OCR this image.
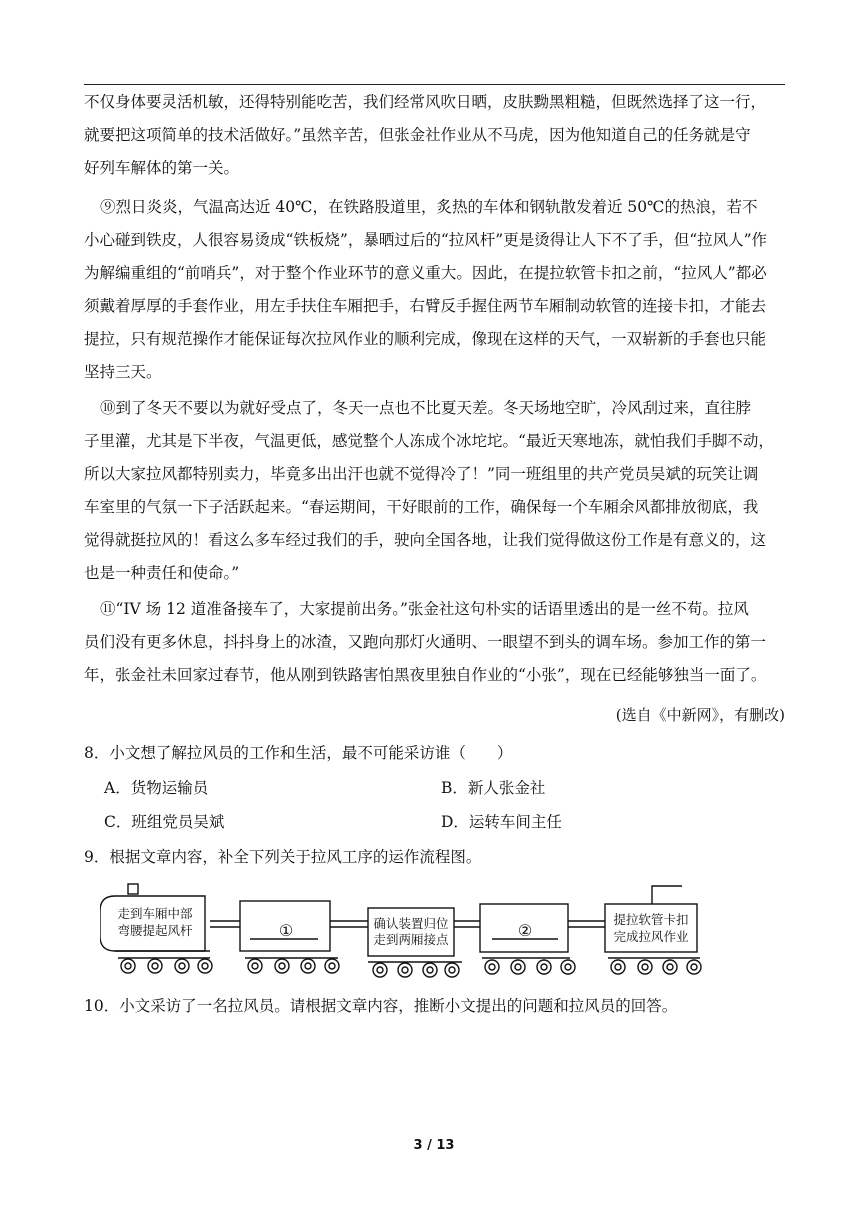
不仅身体要灵活机敏，还得特别能吃苦，我们经常风吹日晒，皮肤黝黑粗糙，但既然选择了这一行，
就要把这项简单的技术活做好。”虽然辛苦，但张金社作业从不马虎，因为他知道自己的任务就是守
好列车解体的第一关。
⑨烈日炎炎，气温高达近 40℃，在铁路股道里，炙热的车体和钢轨散发着近 50℃的热浪，若不
小心碰到铁皮，人很容易烫成“铁板烧”，暴晒过后的“拉风杆”更是烫得让人下不了手，但“拉风人”作
为解编重组的“前哨兵”，对于整个作业环节的意义重大。因此，在提拉软管卡扣之前，“拉风人”都必
须戴着厚厚的手套作业，用左手扶住车厢把手，右臂反手握住两节车厢制动软管的连接卡扣，才能去
提拉，只有规范操作才能保证每次拉风作业的顺利完成，像现在这样的天气，一双崭新的手套也只能
坚持三天。
⑩到了冬天不要以为就好受点了，冬天一点也不比夏天差。冬天场地空旷，冷风刮过来，直往脖
子里灌，尤其是下半夜，气温更低，感觉整个人冻成个冰坨坨。“最近天寒地冻，就怕我们手脚不动，
所以大家拉风都特别卖力，毕竟多出出汗也就不觉得冷了！”同一班组里的共产党员吴斌的玩笑让调
车室里的气氛一下子活跃起来。“春运期间，干好眼前的工作，确保每一个车厢余风都排放彻底，我
觉得就挺拉风的！看这么多车经过我们的手，驶向全国各地，让我们觉得做这份工作是有意义的，这
也是一种责任和使命。”
⑪“IV 场 12 道准备接车了，大家提前出务。”张金社这句朴实的话语里透出的是一丝不苟。拉风
员们没有更多休息，抖抖身上的冰渣，又跑向那灯火通明、一眼望不到头的调车场。参加工作的第一
年，张金社未回家过春节，他从刚到铁路害怕黑夜里独自作业的“小张”，现在已经能够独当一面了。
(选自《中新网》，有删改)
8．小文想了解拉风员的工作和生活，最不可能采访谁（　　）
A．货物运输员	B．新人张金社
C．班组党员吴斌	D．运转车间主任
9．根据文章内容，补全下列关于拉风工序的运作流程图。
走到车厢中部
弯腰提起风杆	①	确认装置归位
走到两厢接点	②
提拉软管卡扣
完成拉风作业
10．小文采访了一名拉风员。请根据文章内容，推断小文提出的问题和拉风员的回答。
3 / 13
